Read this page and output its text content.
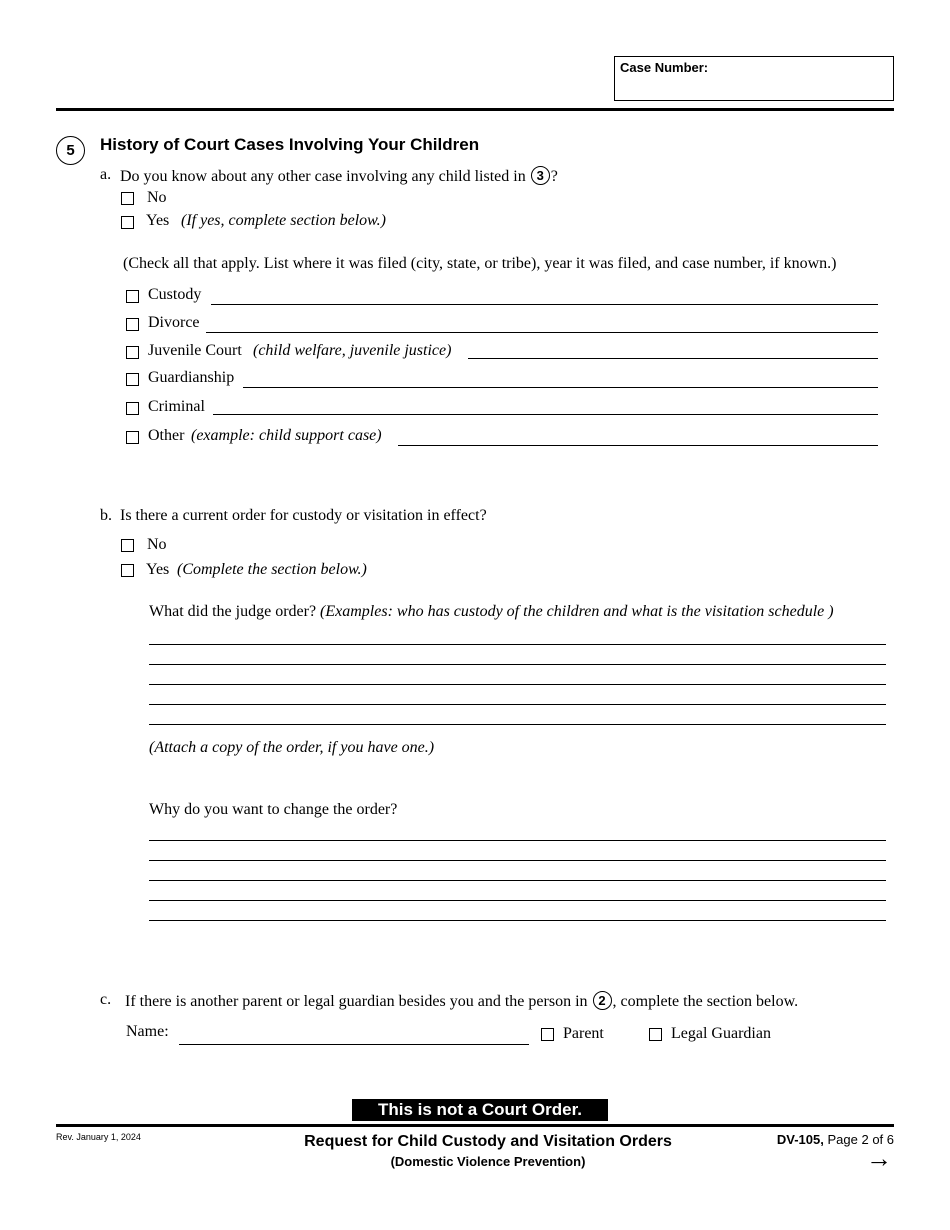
Case Number:
5	History of Court Cases Involving Your Children
a. Do you know about any other case involving any child listed in 3 ?
No
Yes (If yes, complete section below.)
(Check all that apply. List where it was filed (city, state, or tribe), year it was filed, and case number, if known.)
Custody
Divorce
Juvenile Court (child welfare, juvenile justice)
Guardianship
Criminal
Other (example: child support case)
b. Is there a current order for custody or visitation in effect?
No
Yes (Complete the section below.)
What did the judge order? (Examples: who has custody of the children and what is the visitation schedule )
(Attach a copy of the order, if you have one.)
Why do you want to change the order?
c. If there is another parent or legal guardian besides you and the person in 2 , complete the section below.
Name:	Parent	Legal Guardian
This is not a Court Order.
Rev. January 1, 2024	Request for Child Custody and Visitation Orders
(Domestic Violence Prevention)
DV-105, Page 2 of 6
→
